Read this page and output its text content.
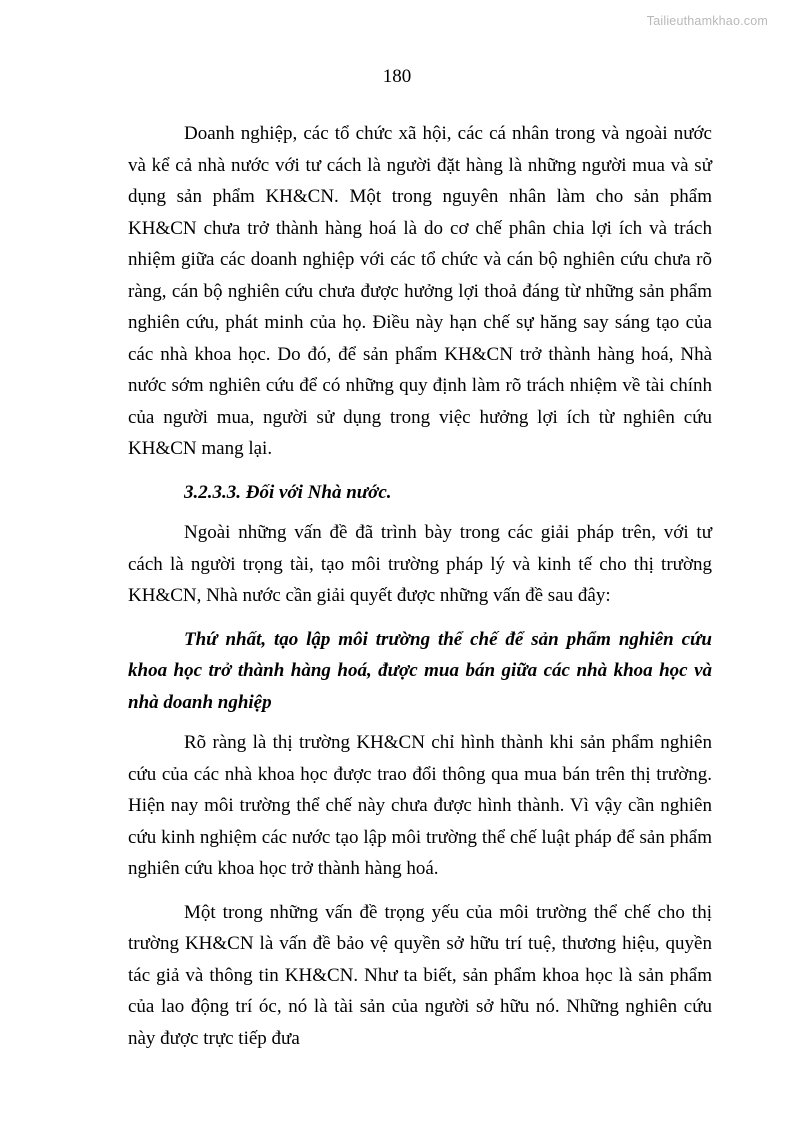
Tailieuthamkhao.com
180

Doanh nghiệp, các tổ chức xã hội, các cá nhân trong và ngoài nước và kể cả nhà nước với tư cách là người đặt hàng là những người mua và sử dụng sản phẩm KH&CN. Một trong nguyên nhân làm cho sản phẩm KH&CN chưa trở thành hàng hoá là do cơ chế phân chia lợi ích và trách nhiệm giữa các doanh nghiệp với các tổ chức và cán bộ nghiên cứu chưa rõ ràng, cán bộ nghiên cứu chưa được hưởng lợi thoả đáng từ những sản phẩm nghiên cứu, phát minh của họ. Điều này hạn chế sự hăng say sáng tạo của các nhà khoa học. Do đó, để sản phẩm KH&CN trở thành hàng hoá, Nhà nước sớm nghiên cứu để có những quy định làm rõ trách nhiệm về tài chính của người mua, người sử dụng trong việc hưởng lợi ích từ nghiên cứu KH&CN mang lại.

3.2.3.3. Đối với Nhà nước.

Ngoài những vấn đề đã trình bày trong các giải pháp trên, với tư cách là người trọng tài, tạo môi trường pháp lý và kinh tế cho thị trường KH&CN, Nhà nước cần giải quyết được những vấn đề sau đây:

Thứ nhất, tạo lập môi trường thể chế để sản phẩm nghiên cứu khoa học trở thành hàng hoá, được mua bán giữa các nhà khoa học và nhà doanh nghiệp

Rõ ràng là thị trường KH&CN chỉ hình thành khi sản phẩm nghiên cứu của các nhà khoa học được trao đổi thông qua mua bán trên thị trường. Hiện nay môi trường thể chế này chưa được hình thành. Vì vậy cần nghiên cứu kinh nghiệm các nước tạo lập môi trường thể chế luật pháp để sản phẩm nghiên cứu khoa học trở thành hàng hoá.

Một trong những vấn đề trọng yếu của môi trường thể chế cho thị trường KH&CN là vấn đề bảo vệ quyền sở hữu trí tuệ, thương hiệu, quyền tác giả và thông tin KH&CN. Như ta biết, sản phẩm khoa học là sản phẩm của lao động trí óc, nó là tài sản của người sở hữu nó. Những nghiên cứu này được trực tiếp đưa
